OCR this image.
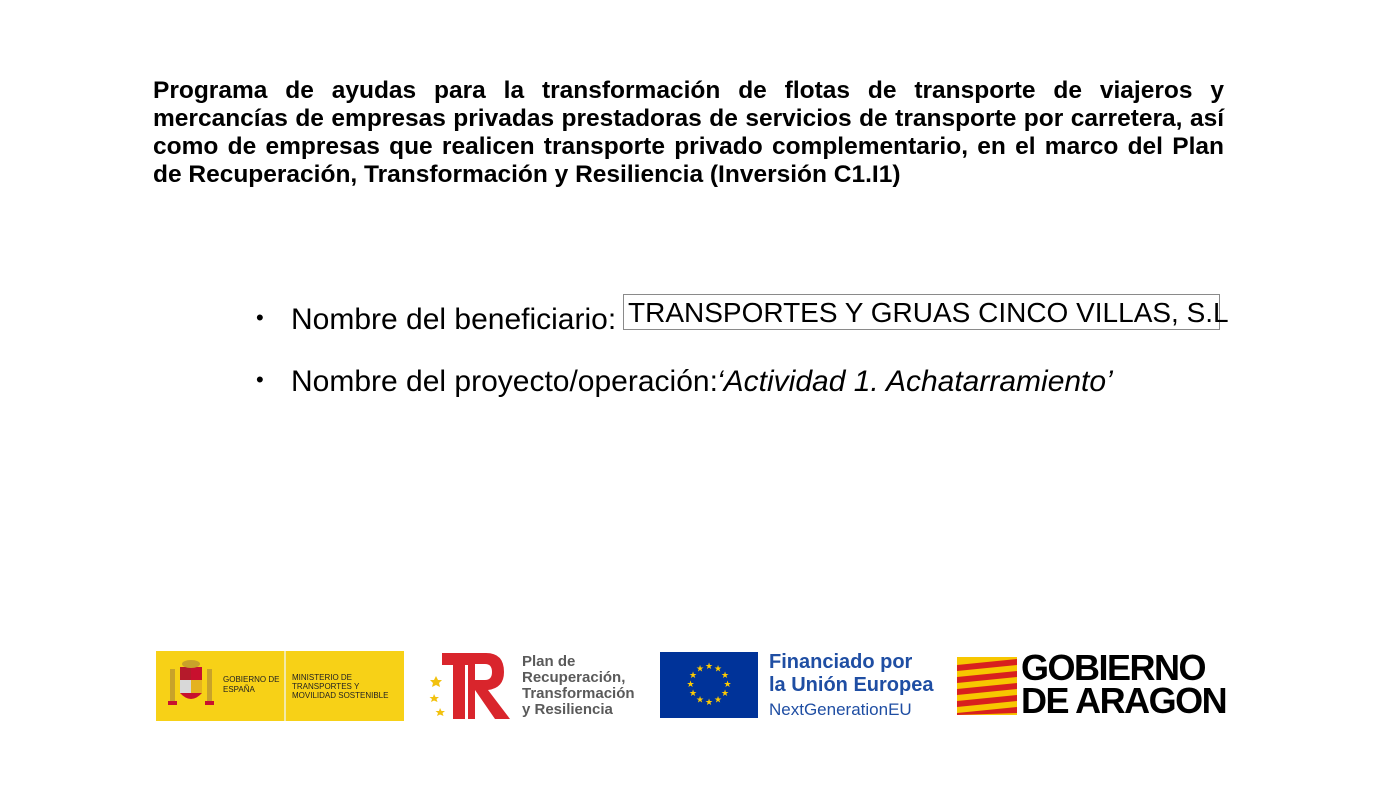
Programa de ayudas para la transformación de flotas de transporte de viajeros y mercancías de empresas privadas prestadoras de servicios de transporte por carretera, así como de empresas que realicen transporte privado complementario, en el marco del Plan de Recuperación, Transformación y Resiliencia (Inversión C1.I1)
• Nombre del beneficiario: TRANSPORTES Y GRUAS CINCO VILLAS, S.L
• Nombre del proyecto/operación: ‘Actividad 1. Achatarramiento’
GOBIERNO DE ESPAÑA
MINISTERIO DE TRANSPORTES Y MOVILIDAD SOSTENIBLE
Plan de
Recuperación,
Transformación
y Resiliencia
★ ★
★
★
★
★
★
★
★
★
★
★	Financiado por
la Unión Europea
NextGenerationEU
GOBIERNO
DE ARAGON
